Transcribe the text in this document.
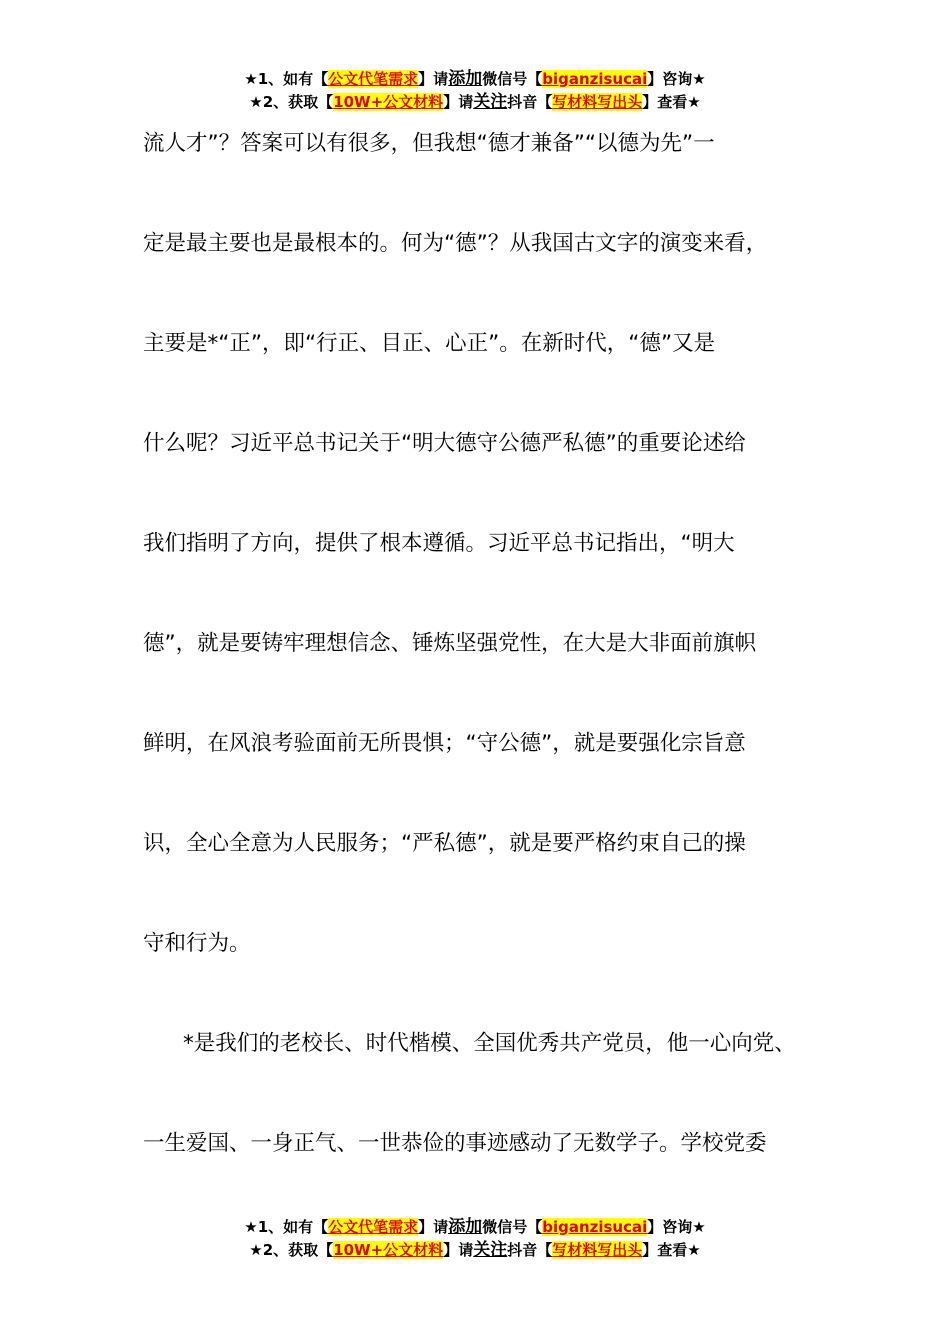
★1、如有【公文代笔需求】请添加微信号【biganzisucai】咨询★
★2、获取【10W+公文材料】请关注抖音【写材料写出头】查看★
流人才”？答案可以有很多，但我想“德才兼备”“以德为先”一
定是最主要也是最根本的。何为“德”？从我国古文字的演变来看，
主要是*“正”，即“行正、目正、心正”。在新时代，“德”又是
什么呢？习近平总书记关于“明大德守公德严私德”的重要论述给
我们指明了方向，提供了根本遵循。习近平总书记指出，“明大
德”，就是要铸牢理想信念、锤炼坚强党性，在大是大非面前旗帜
鲜明，在风浪考验面前无所畏惧；“守公德”，就是要强化宗旨意
识，全心全意为人民服务；“严私德”，就是要严格约束自己的操
守和行为。
*是我们的老校长、时代楷模、全国优秀共产党员，他一心向党、
一生爱国、一身正气、一世恭俭的事迹感动了无数学子。学校党委
★1、如有【公文代笔需求】请添加微信号【biganzisucai】咨询★
★2、获取【10W+公文材料】请关注抖音【写材料写出头】查看★
